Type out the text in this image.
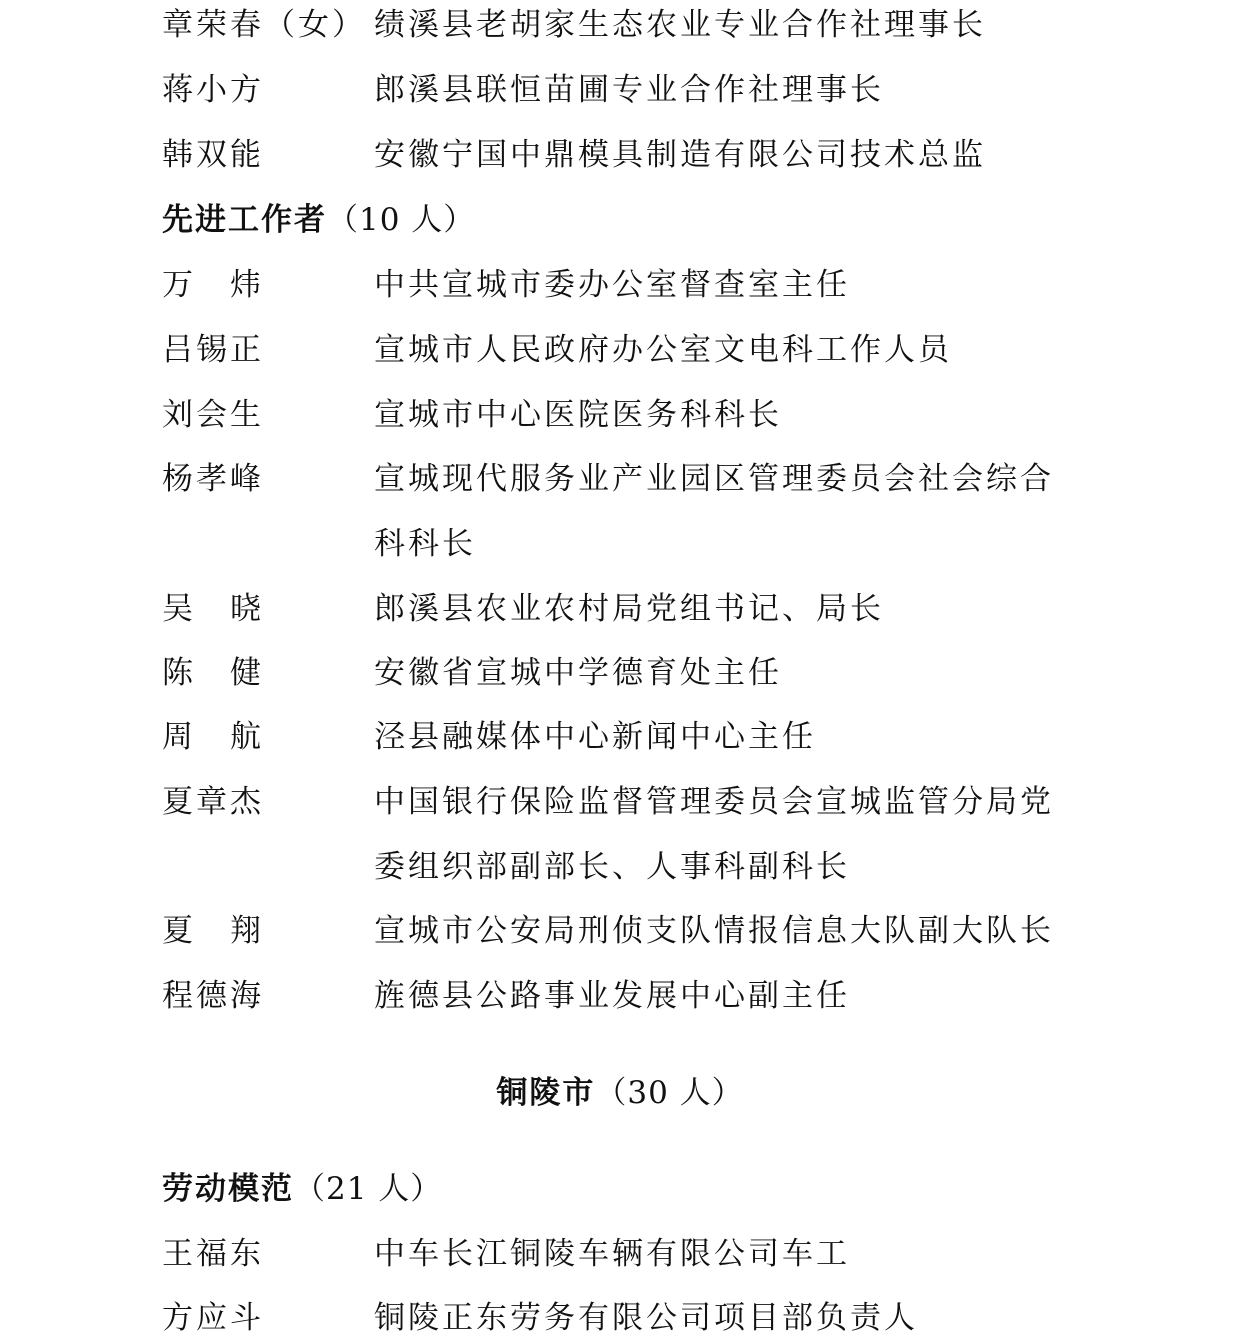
章荣春（女） 绩溪县老胡家生态农业专业合作社理事长
蒋小方	郎溪县联恒苗圃专业合作社理事长
韩双能	安徽宁国中鼎模具制造有限公司技术总监
先进工作者（10 人）
万　炜	中共宣城市委办公室督查室主任
吕锡正	宣城市人民政府办公室文电科工作人员
刘会生	宣城市中心医院医务科科长
杨孝峰	宣城现代服务业产业园区管理委员会社会综合
科科长
吴　晓	郎溪县农业农村局党组书记、局长
陈　健	安徽省宣城中学德育处主任
周　航	泾县融媒体中心新闻中心主任
夏章杰	中国银行保险监督管理委员会宣城监管分局党
委组织部副部长、人事科副科长
夏　翔	宣城市公安局刑侦支队情报信息大队副大队长
程德海	旌德县公路事业发展中心副主任
铜陵市（30 人）
劳动模范（21 人）
王福东	中车长江铜陵车辆有限公司车工
方应斗	铜陵正东劳务有限公司项目部负责人
